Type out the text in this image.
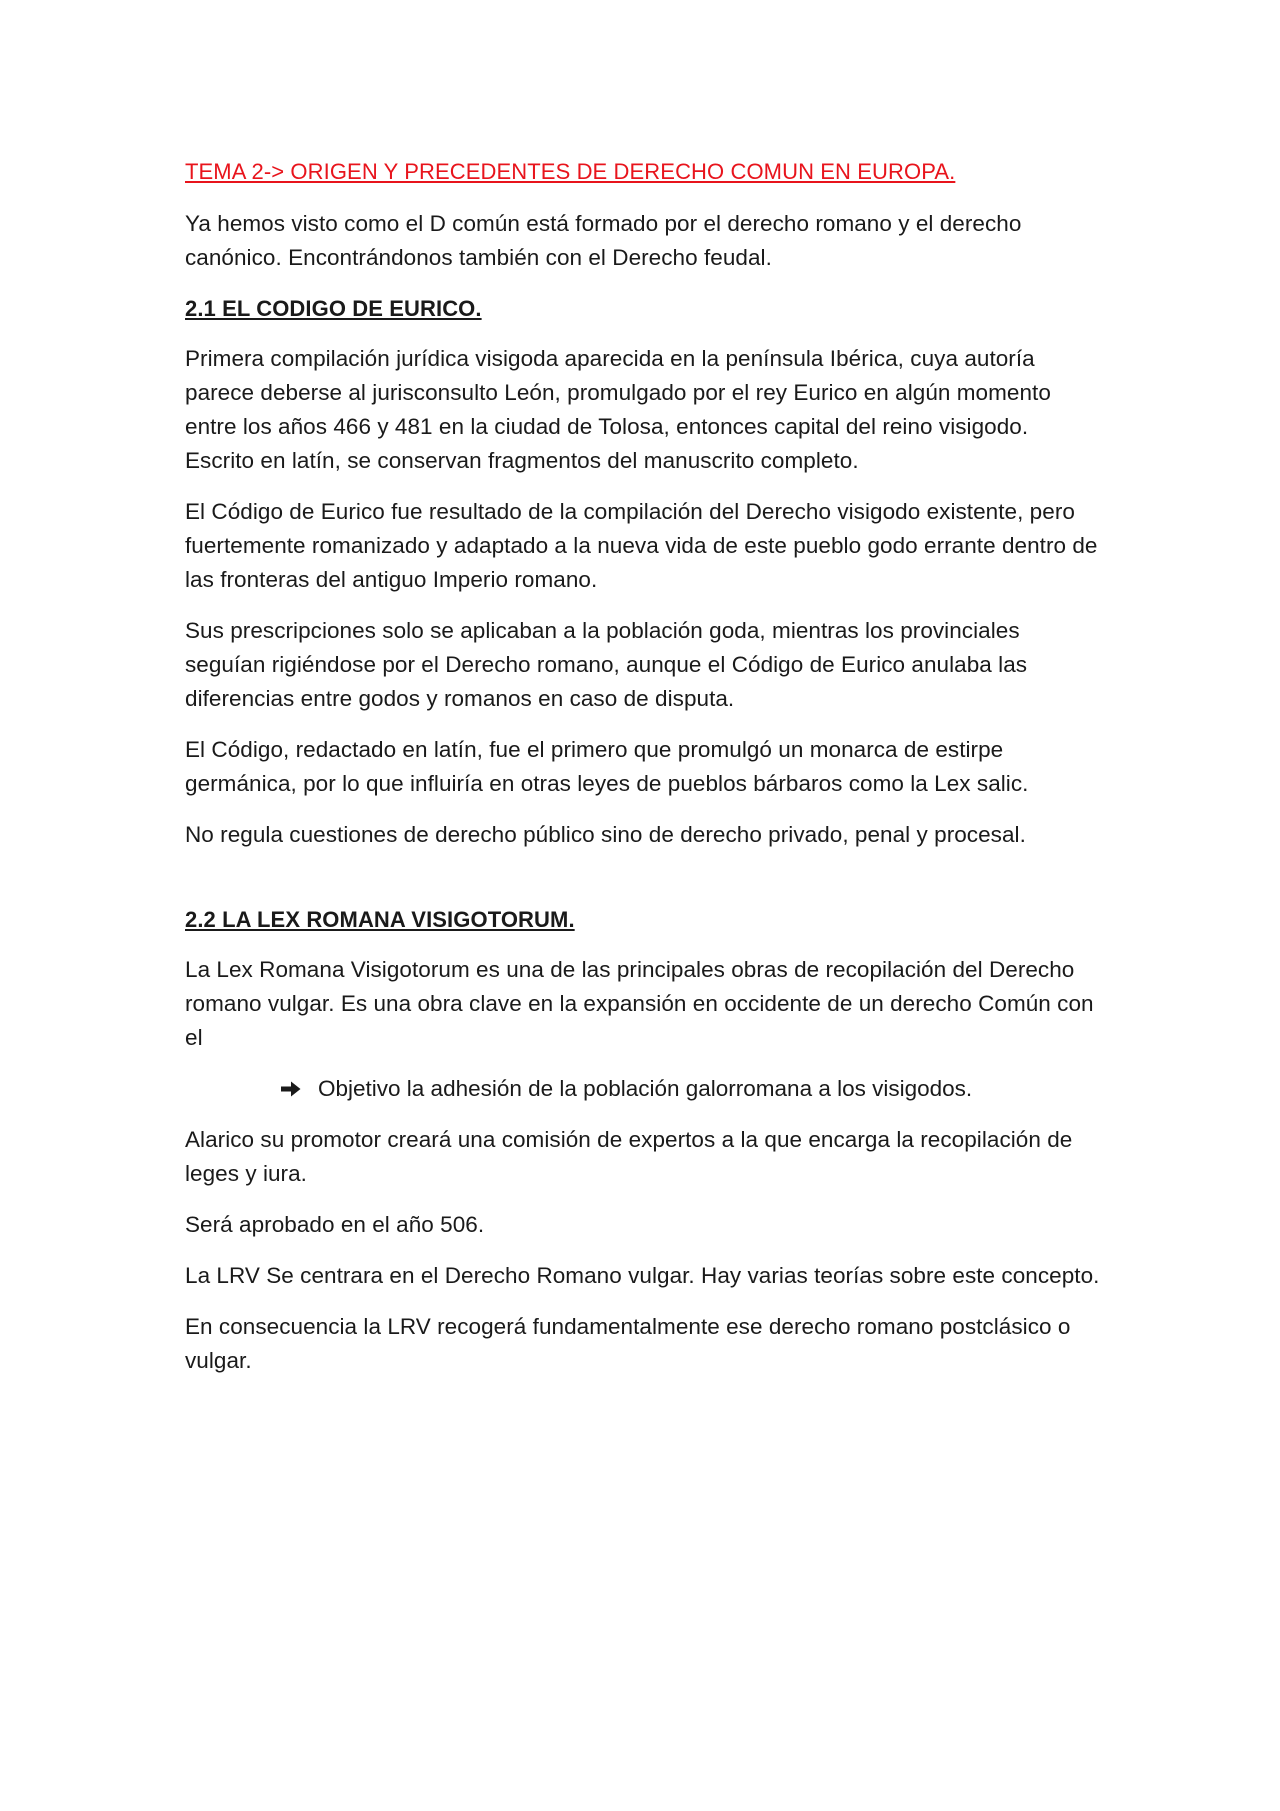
TEMA 2-> ORIGEN Y PRECEDENTES DE DERECHO COMUN EN EUROPA.

Ya hemos visto como el D común está formado por el derecho romano y el derecho canónico. Encontrándonos también con el Derecho feudal.

2.1 EL CODIGO DE EURICO.

Primera compilación jurídica visigoda aparecida en la península Ibérica, cuya autoría parece deberse al jurisconsulto León, promulgado por el rey Eurico en algún momento entre los años 466 y 481 en la ciudad de Tolosa, entonces capital del reino visigodo. Escrito en latín, se conservan fragmentos del manuscrito completo.

El Código de Eurico fue resultado de la compilación del Derecho visigodo existente, pero fuertemente romanizado y adaptado a la nueva vida de este pueblo godo errante dentro de las fronteras del antiguo Imperio romano.

Sus prescripciones solo se aplicaban a la población goda, mientras los provinciales seguían rigiéndose por el Derecho romano, aunque el Código de Eurico anulaba las diferencias entre godos y romanos en caso de disputa.

El Código, redactado en latín, fue el primero que promulgó un monarca de estirpe germánica, por lo que influiría en otras leyes de pueblos bárbaros como la Lex salic.

No regula cuestiones de derecho público sino de derecho privado, penal y procesal.

2.2 LA LEX ROMANA VISIGOTORUM.

La Lex Romana Visigotorum es una de las principales obras de recopilación del Derecho romano vulgar. Es una obra clave en la expansión en occidente de un derecho Común con el

Objetivo la adhesión de la población galorromana a los visigodos.

Alarico su promotor creará una comisión de expertos a la que encarga la recopilación de leges y iura.

Será aprobado en el año 506.

La LRV Se centrara en el Derecho Romano vulgar. Hay varias teorías sobre este concepto.

En consecuencia la LRV recogerá fundamentalmente ese derecho romano postclásico o vulgar.
